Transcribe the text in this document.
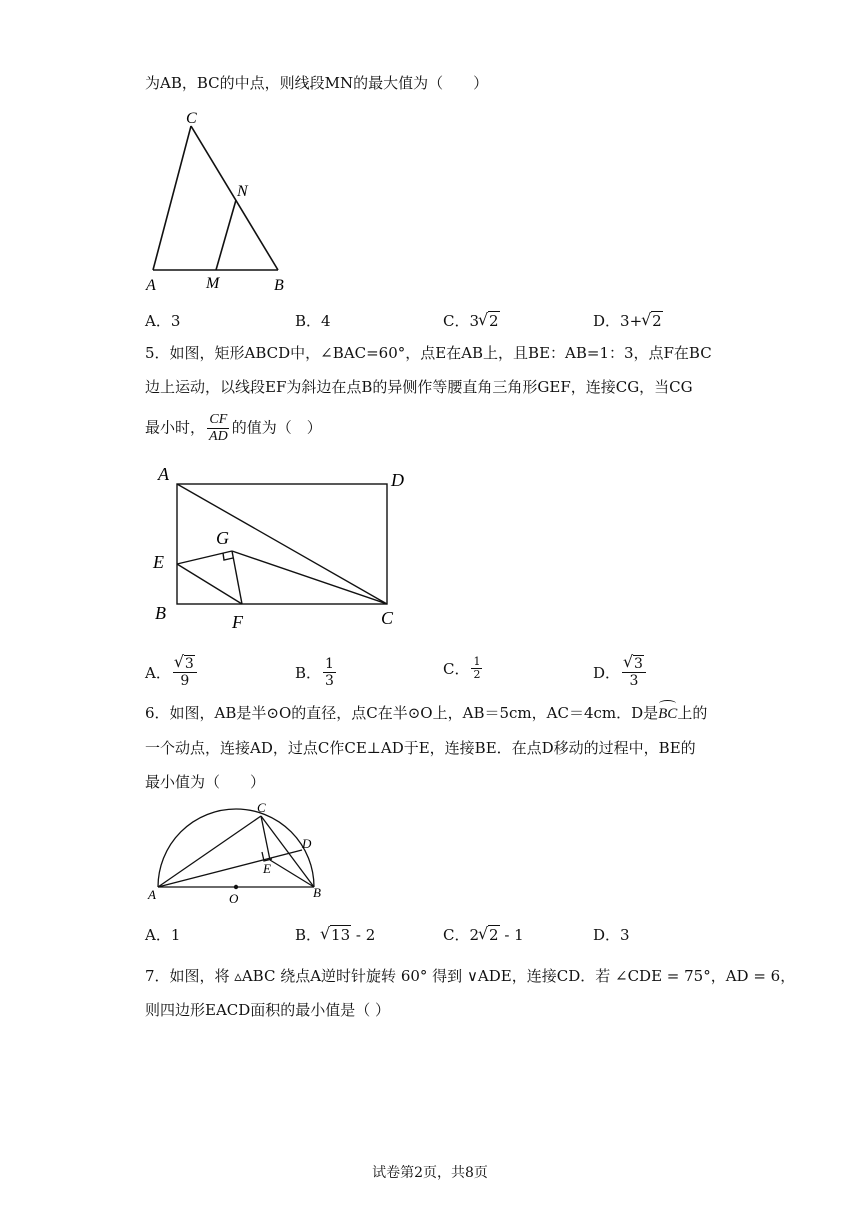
为AB，BC的中点，则线段MN的最大值为（　　）
C
N
A	M	B
A．3	B．4	C．3 √ 2	D．3+ √ 2
5．如图，矩形ABCD中，∠BAC=60°，点E在AB上，且BE：AB=1：3，点F在BC
边上运动，以线段EF为斜边在点B的异侧作等腰直角三角形GEF，连接CG，当CG
最小时， $\frac{CF}{AD}$ 的值为（　）
A	D
G
E
B	F	C
A． √ $\frac{3}{9}$	B． $\frac{1}{3}$	C． $\frac{1}{2}$	D． √ $\frac{3}{3}$
6．如图，AB是半⊙O的直径，点C在半⊙O上，AB＝5cm，AC＝4cm．D是BC上的
一个动点，连接AD，过点C作CE⊥AD于E，连接BE．在点D移动的过程中，BE的
最小值为（　　）
C
D
E
A	O	B
A．1	B． √ 13 - 2	C．2 √ 2 - 1	D．3
7．如图，将 ▵ABC 绕点A逆时针旋转 60° 得到 ∨ADE，连接CD．若 ∠CDE = 75°，AD = 6，
则四边形EACD面积的最小值是（ ）
试卷第2页，共8页
